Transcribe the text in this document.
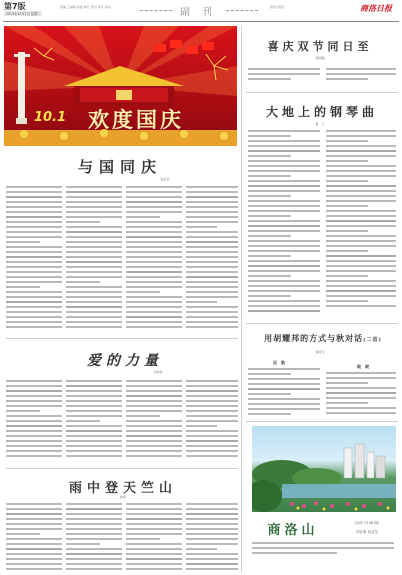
第7版
2013年10月1日 星期二
责编 王丽娟 版面 林红 校对 李芳 美术	副　刊	商洛日报社	商洛日报
10.1 欢度国庆
与国同庆
屈征业
爱的力量
马秋荣
雨中登天竺山
殷雪
喜庆双节同日至
杨明瑞
大地上的钢琴曲
夏　人
用胡耀邦的方式与秋对话(二首)
杨国飞
远　航
破　晓
商洛山	(西安 2158 期)
刘业明 刘业发
